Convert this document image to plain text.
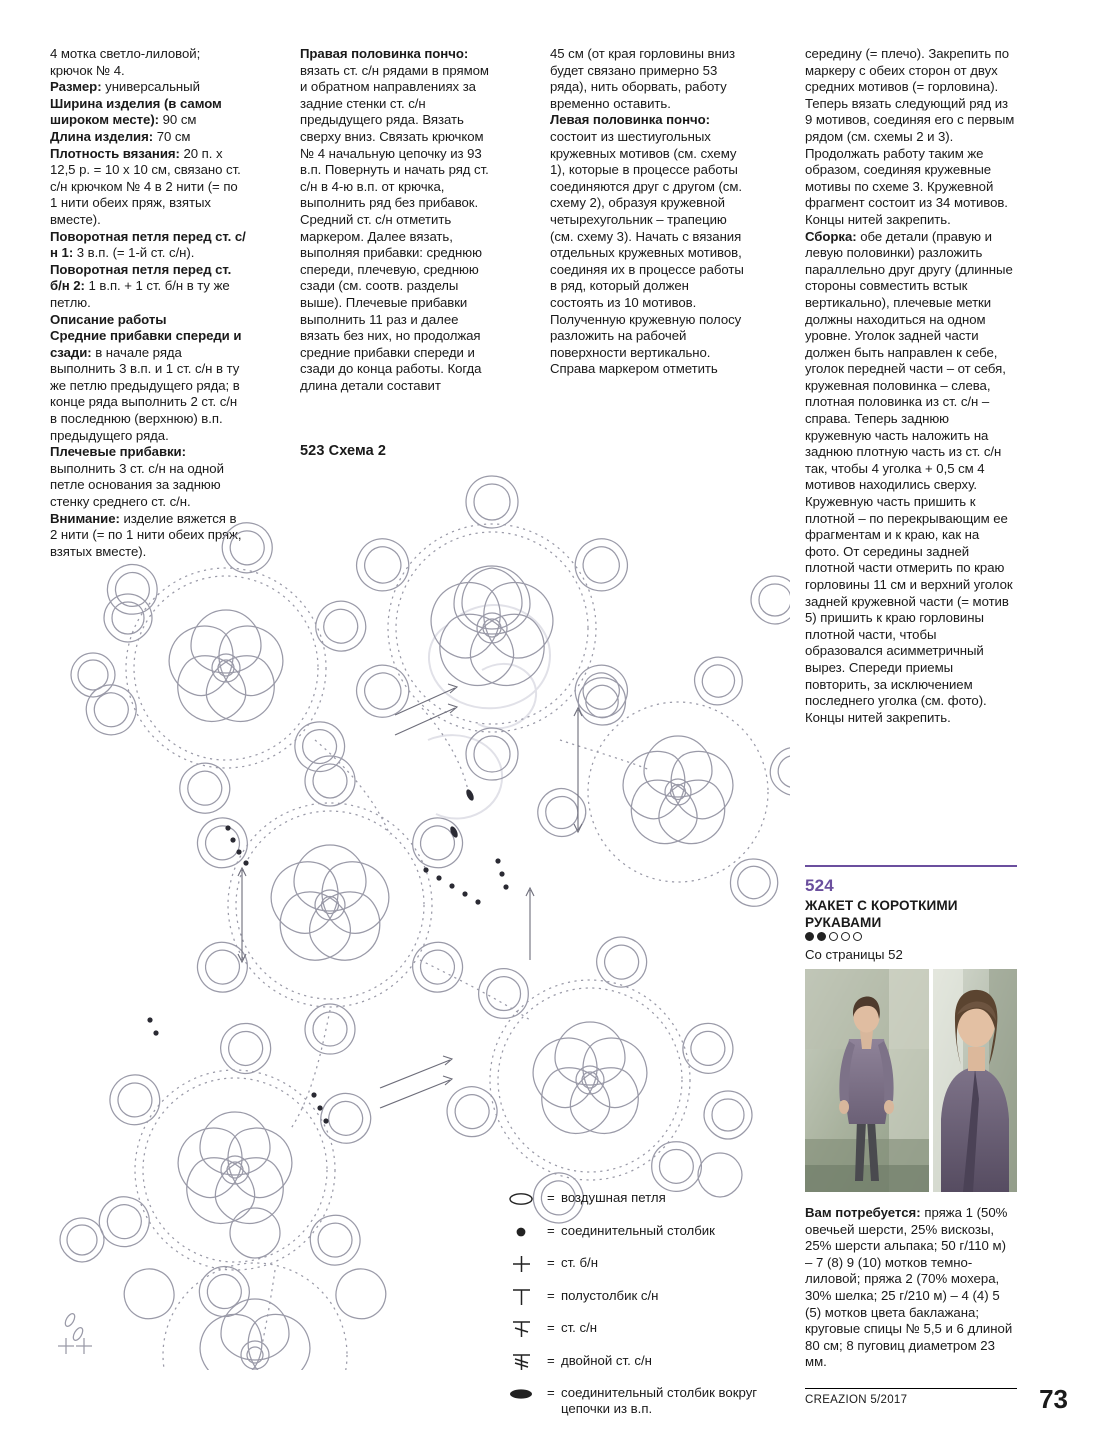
4 мотка светло-лиловой; крючок № 4.

Размер: универсальный

Ширина изделия (в самом широком месте): 90 см

Длина изделия: 70 см

Плотность вязания: 20 п. х 12,5 р. = 10 х 10 см, связано ст. с/н крючком № 4 в 2 нити (= по 1 нити обеих пряж, взятых вместе).

Поворотная петля перед ст. с/н 1: 3 в.п. (= 1-й ст. с/н).

Поворотная петля перед ст. б/н 2: 1 в.п. + 1 ст. б/н в ту же петлю.

Описание работы

Средние прибавки спереди и сзади: в начале ряда выполнить 3 в.п. и 1 ст. с/н в ту же петлю предыдущего ряда; в конце ряда выполнить 2 ст. с/н в последнюю (верхнюю) в.п. предыдущего ряда.

Плечевые прибавки: выполнить 3 ст. с/н на одной петле основания за заднюю стенку среднего ст. с/н.

Внимание: изделие вяжется в 2 нити (= по 1 нити обеих пряж, взятых вместе).

Правая половинка пончо: вязать ст. с/н рядами в прямом и обратном направлениях за задние стенки ст. с/н предыдущего ряда. Вязать сверху вниз. Связать крючком № 4 начальную цепочку из 93 в.п. Повернуть и начать ряд ст. с/н в 4-ю в.п. от крючка, выполнить ряд без прибавок. Средний ст. с/н отметить маркером. Далее вязать, выполняя прибавки: среднюю спереди, плечевую, среднюю сзади (см. соотв. разделы выше). Плечевые прибавки выполнить 11 раз и далее вязать без них, но продолжая средние прибавки спереди и сзади до конца работы. Когда длина детали составит

45 см (от края горловины вниз будет связано примерно 53 ряда), нить оборвать, работу временно оставить.

Левая половинка пончо: состоит из шестиугольных кружевных мотивов (см. схему 1), которые в процессе работы соединяются друг с другом (см. схему 2), образуя кружевной четырехугольник – трапецию (см. схему 3). Начать с вязания отдельных кружевных мотивов, соединяя их в процессе работы в ряд, который должен состоять из 10 мотивов. Полученную кружевную полосу разложить на рабочей поверхности вертикально. Справа маркером отметить

середину (= плечо). Закрепить по маркеру с обеих сторон от двух средних мотивов (= горловина). Теперь вязать следующий ряд из 9 мотивов, соединяя его с первым рядом (см. схемы 2 и 3). Продолжать работу таким же образом, соединяя кружевные мотивы по схеме 3. Кружевной фрагмент состоит из 34 мотивов. Концы нитей закрепить.

Сборка: обе детали (правую и левую половинки) разложить параллельно друг другу (длинные стороны совместить встык вертикально), плечевые метки должны находиться на одном уровне. Уголок задней части должен быть направлен к себе, уголок передней части – от себя, кружевная половинка – слева, плотная половинка из ст. с/н – справа. Теперь заднюю кружевную часть наложить на заднюю плотную часть из ст. с/н так, чтобы 4 уголка + 0,5 см 4 мотивов находились сверху. Кружевную часть пришить к плотной – по перекрывающим ее фрагментам и к краю, как на фото. От середины задней плотной части отмерить по краю горловины 11 см и верхний уголок задней кружевной части (= мотив 5) пришить к краю горловины плотной части, чтобы образовался асимметричный вырез. Спереди приемы повторить, за исключением последнего уголка (см. фото). Концы нитей закрепить.

523 Схема 2
= воздушная петля
= соединительный столбик
= ст. б/н
= полустолбик с/н
= ст. с/н
= двойной ст. с/н
= соединительный столбик вокруг цепочки из в.п.
524
ЖАКЕТ С КОРОТКИМИ РУКАВАМИ
Со страницы 52
Вам потребуется: пряжа 1 (50% овечьей шерсти, 25% вискозы, 25% шерсти альпака; 50 г/110 м) – 7 (8) 9 (10) мотков темно-лиловой; пряжа 2 (70% мохера, 30% шелка; 25 г/210 м) – 4 (4) 5 (5) мотков цвета баклажана; круговые спицы № 5,5 и 6 длиной 80 см; 8 пуговиц диаметром 23 мм.
CREAZION 5/2017	73
